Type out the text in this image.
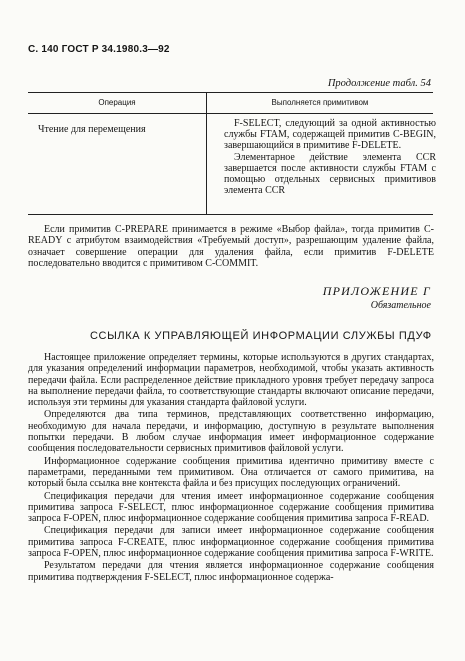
С. 140 ГОСТ Р 34.1980.3—92
Продолжение табл. 54
Операция	Выполняется примитивом
Чтение для перемещения

F-SELECT, следующий за одной активностью службы FTAM, содержащей примитив C-BEGIN, завершающийся в примитиве F-DELETE.

Элементарное действие элемента CCR завершается после активности службы FTAM с помощью отдельных сервисных примитивов элемента CCR

Если примитив C-PREPARE принимается в режиме «Выбор файла», тогда примитив C-READY с атрибутом взаимодействия «Требуемый доступ», разрешающим удаление файла, означает совершение операции для удаления файла, если примитив F-DELETE последовательно вводится с примитивом C-COMMIT.

ПРИЛОЖЕНИЕ Г
Обязательное
ССЫЛКА К УПРАВЛЯЮЩЕЙ ИНФОРМАЦИИ СЛУЖБЫ ПДУФ

Настоящее приложение определяет термины, которые используются в других стандартах, для указания определений информации параметров, необходимой, чтобы указать активность передачи файла. Если распределенное действие прикладного уровня требует передачу запроса на выполнение передачи файла, то соответствующие стандарты включают описание передачи, используя эти термины для указания стандарта файловой услуги.

Определяются два типа терминов, представляющих соответственно информацию, необходимую для начала передачи, и информацию, доступную в результате выполнения попытки передачи. В любом случае информация имеет информационное содержание сообщения последовательности сервисных примитивов файловой услуги.

Информационное содержание сообщения примитива идентично примитиву вместе с параметрами, переданными тем примитивом. Она отличается от самого примитива, на который была ссылка вне контекста файла и без присущих последующих ограничений.

Спецификация передачи для чтения имеет информационное содержание сообщения примитива запроса F-SELECT, плюс информационное содержание сообщения примитива запроса F-OPEN, плюс информационное содержание сообщения примитива запроса F-READ.

Спецификация передачи для записи имеет информационное содержание сообщения примитива запроса F-CREATE, плюс информационное содержание сообщения примитива запроса F-OPEN, плюс информационное содержание сообщения примитива запроса F-WRITE.

Результатом передачи для чтения является информационное содержание сообщения примитива подтверждения F-SELECT, плюс информационное содержа-
